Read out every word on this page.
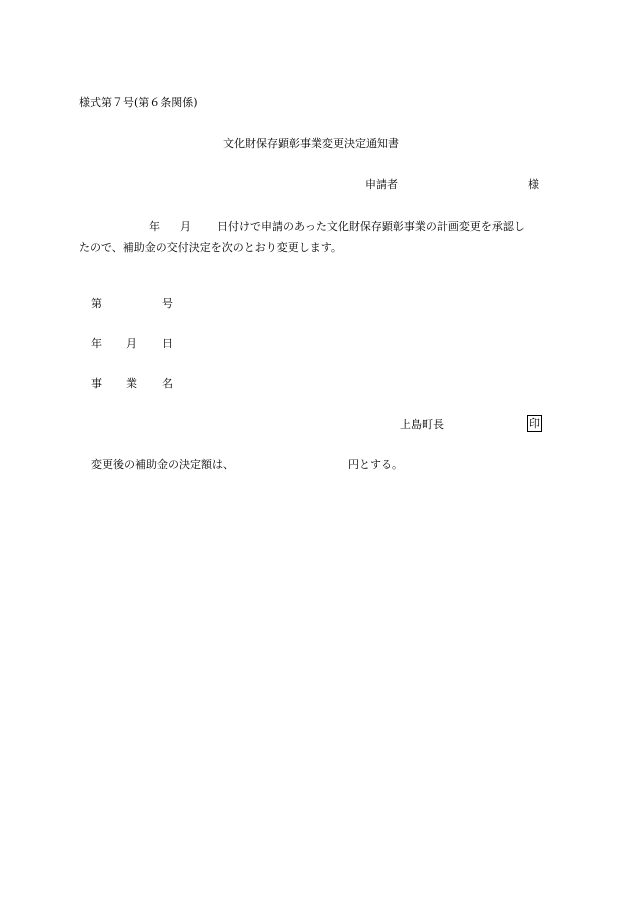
様式第７号(第６条関係)
文化財保存顕彰事業変更決定通知書
申請者	様
年 月 日付けで申請のあった文化財保存顕彰事業の計画変更を承認し
たので、補助金の交付決定を次のとおり変更します。
第	号
年 月 日
事 業 名
上島町長	印
変更後の補助金の決定額は、	円とする。
